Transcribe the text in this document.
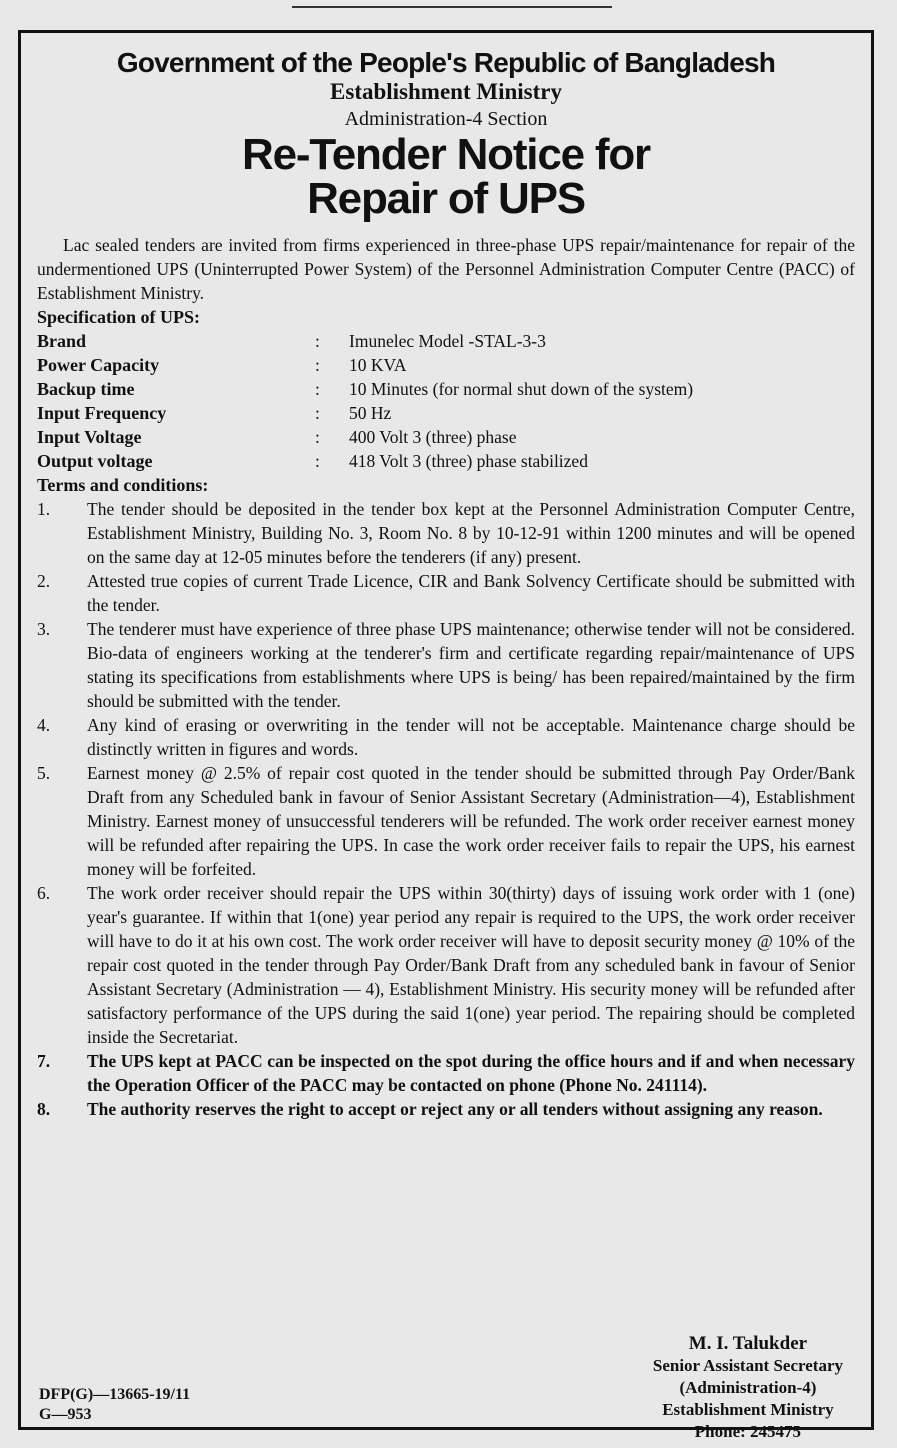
Government of the People's Republic of Bangladesh
Establishment Ministry
Administration-4 Section
Re-Tender Notice for
Repair of UPS

Lac sealed tenders are invited from firms experienced in three-phase UPS repair/maintenance for repair of the undermentioned UPS (Uninterrupted Power System) of the Personnel Administration Computer Centre (PACC) of Establishment Ministry.

Specification of UPS:
Brand	:	Imunelec Model -STAL-3-3
Power Capacity	:	10 KVA
Backup time	:	10 Minutes (for normal shut down of the system)
Input Frequency	:	50 Hz
Input Voltage	:	400 Volt 3 (three) phase
Output voltage	:	418 Volt 3 (three) phase stabilized
Terms and conditions:
1.	The tender should be deposited in the tender box kept at the Personnel Administration Computer Centre, Establishment Ministry, Building No. 3, Room No. 8 by 10-12-91 within 1200 minutes and will be opened on the same day at 12-05 minutes before the tenderers (if any) present.
2.	Attested true copies of current Trade Licence, CIR and Bank Solvency Certificate should be submitted with the tender.
3.	The tenderer must have experience of three phase UPS maintenance; otherwise tender will not be considered. Bio-data of engineers working at the tenderer's firm and certificate regarding repair/maintenance of UPS stating its specifications from establishments where UPS is being/ has been repaired/maintained by the firm should be submitted with the tender.
4.	Any kind of erasing or overwriting in the tender will not be acceptable. Maintenance charge should be distinctly written in figures and words.
5.	Earnest money @ 2.5% of repair cost quoted in the tender should be submitted through Pay Order/Bank Draft from any Scheduled bank in favour of Senior Assistant Secretary (Administration—4), Establishment Ministry. Earnest money of unsuccessful tenderers will be refunded. The work order receiver earnest money will be refunded after repairing the UPS. In case the work order receiver fails to repair the UPS, his earnest money will be forfeited.
6.	The work order receiver should repair the UPS within 30(thirty) days of issuing work order with 1 (one) year's guarantee. If within that 1(one) year period any repair is required to the UPS, the work order receiver will have to do it at his own cost. The work order receiver will have to deposit security money @ 10% of the repair cost quoted in the tender through Pay Order/Bank Draft from any scheduled bank in favour of Senior Assistant Secretary (Administration — 4), Establishment Ministry. His security money will be refunded after satisfactory performance of the UPS during the said 1(one) year period. The repairing should be completed inside the Secretariat.
7.	The UPS kept at PACC can be inspected on the spot during the office hours and if and when necessary the Operation Officer of the PACC may be contacted on phone (Phone No. 241114).
8.	The authority reserves the right to accept or reject any or all tenders without assigning any reason.
DFP(G)—13665-19/11
G—953
M. I. Talukder
Senior Assistant Secretary
(Administration-4)
Establishment Ministry
Phone: 245475
